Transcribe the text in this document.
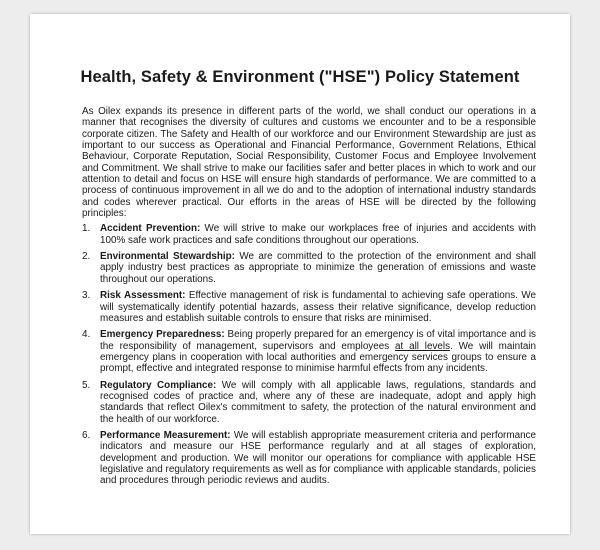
Health, Safety & Environment ("HSE") Policy Statement

As Oilex expands its presence in different parts of the world, we shall conduct our operations in a manner that recognises the diversity of cultures and customs we encounter and to be a responsible corporate citizen. The Safety and Health of our workforce and our Environment Stewardship are just as important to our success as Operational and Financial Performance, Government Relations, Ethical Behaviour, Corporate Reputation, Social Responsibility, Customer Focus and Employee Involvement and Commitment. We shall strive to make our facilities safer and better places in which to work and our attention to detail and focus on HSE will ensure high standards of performance. We are committed to a process of continuous improvement in all we do and to the adoption of international industry standards and codes wherever practical. Our efforts in the areas of HSE will be directed by the following principles:

1. Accident Prevention: We will strive to make our workplaces free of injuries and accidents with 100% safe work practices and safe conditions throughout our operations.
2. Environmental Stewardship: We are committed to the protection of the environment and shall apply industry best practices as appropriate to minimize the generation of emissions and waste throughout our operations.
3. Risk Assessment: Effective management of risk is fundamental to achieving safe operations. We will systematically identify potential hazards, assess their relative significance, develop reduction measures and establish suitable controls to ensure that risks are minimised.
4. Emergency Preparedness: Being properly prepared for an emergency is of vital importance and is the responsibility of management, supervisors and employees at all levels. We will maintain emergency plans in cooperation with local authorities and emergency services groups to ensure a prompt, effective and integrated response to minimise harmful effects from any incidents.
5. Regulatory Compliance: We will comply with all applicable laws, regulations, standards and recognised codes of practice and, where any of these are inadequate, adopt and apply high standards that reflect Oilex's commitment to safety, the protection of the natural environment and the health of our workforce.
6. Performance Measurement: We will establish appropriate measurement criteria and performance indicators and measure our HSE performance regularly and at all stages of exploration, development and production. We will monitor our operations for compliance with applicable HSE legislative and regulatory requirements as well as for compliance with applicable standards, policies and procedures through periodic reviews and audits.
